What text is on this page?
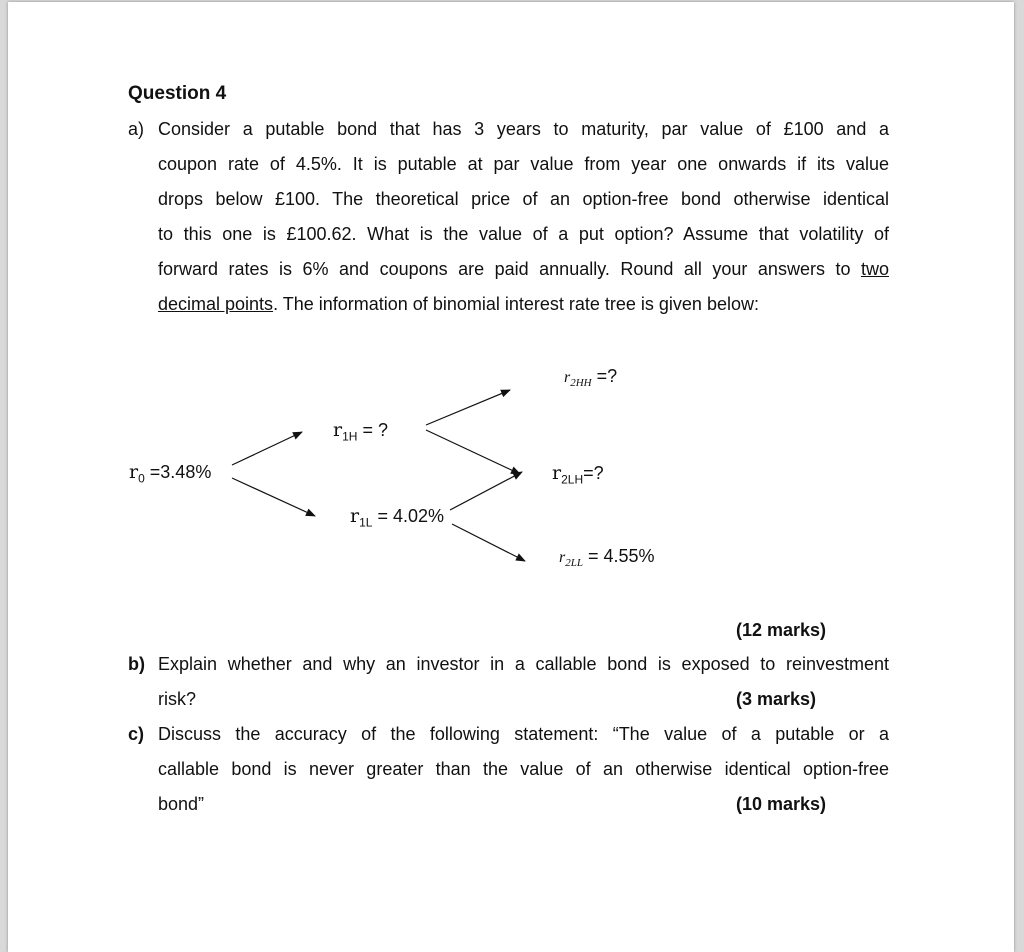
Question 4
a) Consider a putable bond that has 3 years to maturity, par value of £100 and a
coupon rate of 4.5%. It is putable at par value from year one onwards if its value
drops below £100. The theoretical price of an option-free bond otherwise identical
to this one is £100.62. What is the value of a put option? Assume that volatility of
forward rates is 6% and coupons are paid annually. Round all your answers to two
decimal points. The information of binomial interest rate tree is given below:
$r_0 =3.48\%$
$r_{1H}$ = ?
$r_{1L} = 4.02\%$
$r_{2HH}$ =?
$r_{2LH}=$?
$r_{2LL} = 4.55\%$
(12 marks)
b) Explain whether and why an investor in a callable bond is exposed to reinvestment
risk?	(3 marks)
c) Discuss the accuracy of the following statement: “The value of a putable or a
callable bond is never greater than the value of an otherwise identical option-free
bond”	(10 marks)
